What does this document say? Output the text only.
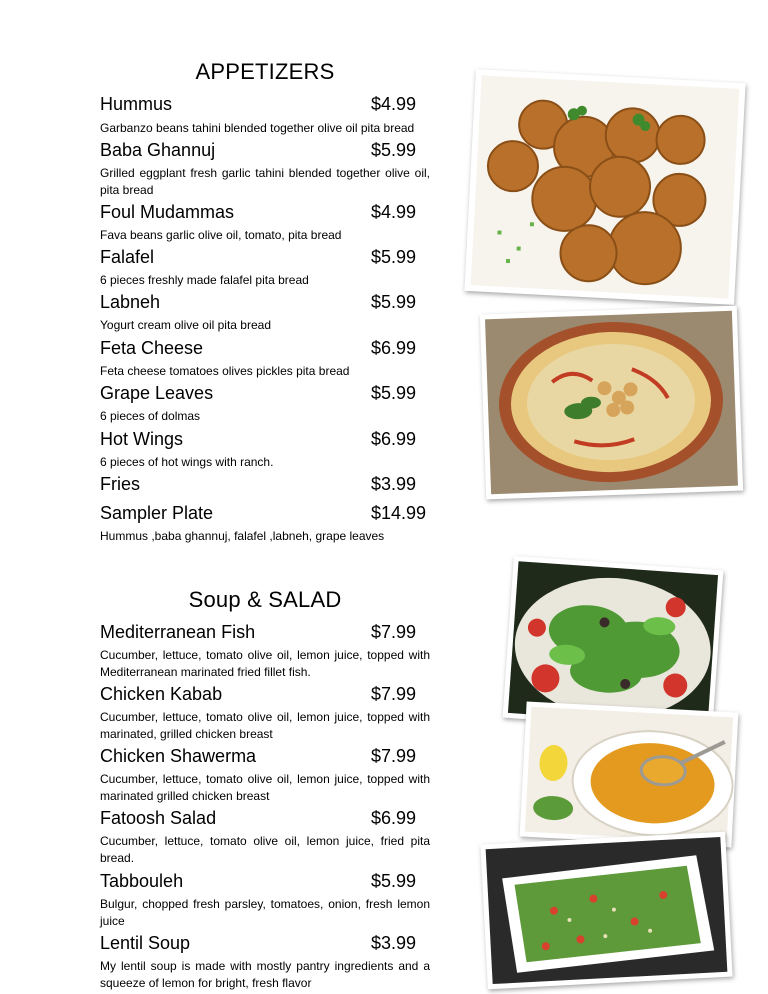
APPETIZERS
Hummus	$4.99
Garbanzo beans tahini blended together olive oil pita bread
Baba Ghannuj	$5.99
Grilled eggplant fresh garlic tahini blended together olive oil, pita bread
Foul Mudammas	$4.99
Fava beans garlic olive oil, tomato, pita bread
Falafel	$5.99
6 pieces freshly made falafel pita bread
Labneh	$5.99
Yogurt cream olive oil pita bread
Feta Cheese	$6.99
Feta cheese tomatoes olives pickles pita bread
Grape Leaves	$5.99
6 pieces of dolmas
Hot Wings	$6.99
6 pieces of hot wings with ranch.
Fries	$3.99
Sampler Plate	$14.99
Hummus ,baba ghannuj, falafel ,labneh, grape leaves
Soup & SALAD
Mediterranean Fish	$7.99
Cucumber, lettuce, tomato olive oil, lemon juice, topped with Mediterranean marinated fried fillet fish.
Chicken Kabab	$7.99
Cucumber, lettuce, tomato olive oil, lemon juice, topped with marinated, grilled chicken breast
Chicken Shawerma	$7.99
Cucumber, lettuce, tomato olive oil, lemon juice, topped with marinated grilled chicken breast
Fatoosh Salad	$6.99
Cucumber, lettuce, tomato olive oil, lemon juice, fried pita bread.
Tabbouleh	$5.99
Bulgur, chopped fresh parsley, tomatoes, onion, fresh lemon juice
Lentil Soup	$3.99
My lentil soup is made with mostly pantry ingredients and a squeeze of lemon for bright, fresh flavor
